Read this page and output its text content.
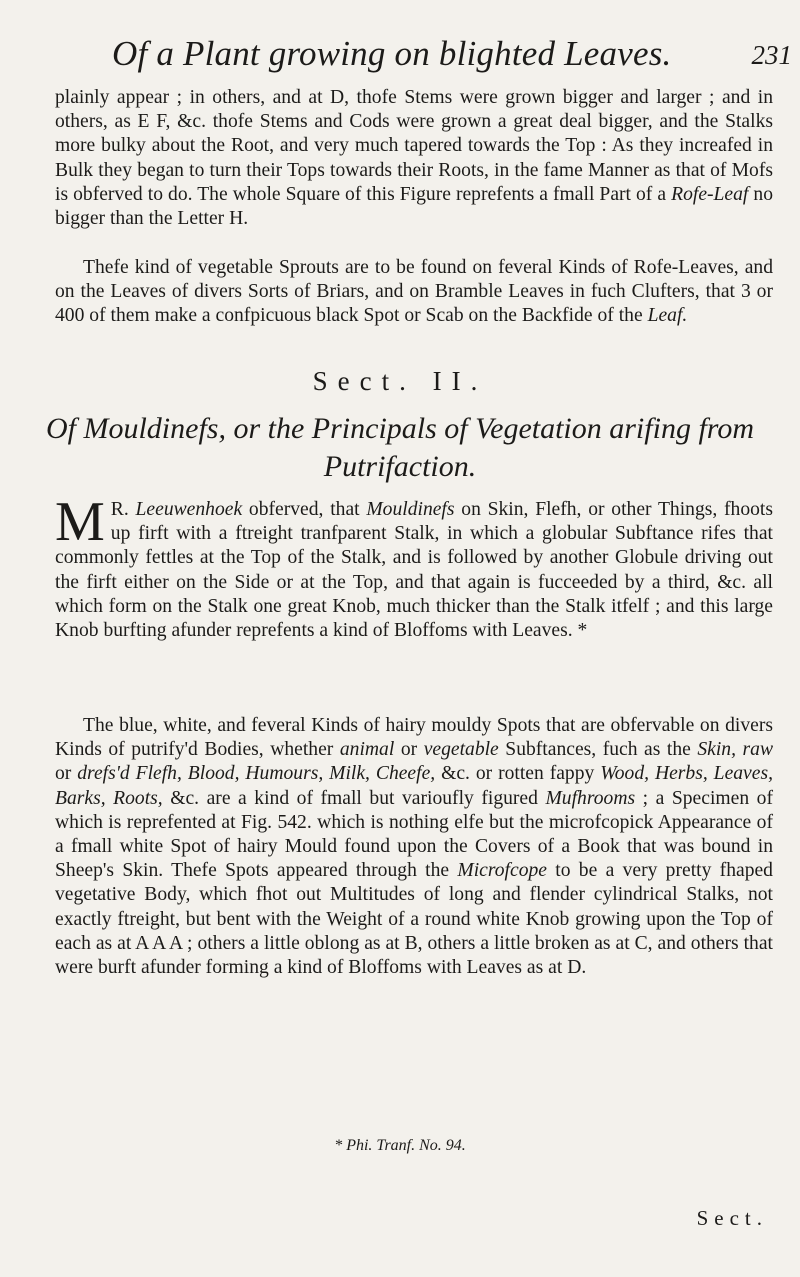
Of a Plant growing on blighted Leaves.	231
plainly appear ; in others, and at D, thofe Stems were grown bigger and larger ; and in others, as E F, &c. thofe Stems and Cods were grown a great deal bigger, and the Stalks more bulky about the Root, and very much tapered towards the Top : As they increafed in Bulk they began to turn their Tops towards their Roots, in the fame Manner as that of Mofs is obferved to do. The whole Square of this Figure reprefents a fmall Part of a Rofe-Leaf no bigger than the Letter H.
Thefe kind of vegetable Sprouts are to be found on feveral Kinds of Rofe-Leaves, and on the Leaves of divers Sorts of Briars, and on Bramble Leaves in fuch Clufters, that 3 or 400 of them make a confpicuous black Spot or Scab on the Backfide of the Leaf.
Sect. II.
Of Mouldinefs, or the Principals of Vegetation arifing from Putrifaction.
M R. Leeuwenhoek obferved, that Mouldinefs on Skin, Flefh, or other Things, fhoots up firft with a ftreight tranfparent Stalk, in which a globular Subftance rifes that commonly fettles at the Top of the Stalk, and is followed by another Globule driving out the firft either on the Side or at the Top, and that again is fucceeded by a third, &c. all which form on the Stalk one great Knob, much thicker than the Stalk itfelf ; and this large Knob burfting afunder reprefents a kind of Bloffoms with Leaves. *
The blue, white, and feveral Kinds of hairy mouldy Spots that are obfervable on divers Kinds of putrify'd Bodies, whether animal or vegetable Subftances, fuch as the Skin, raw or drefs'd Flefh, Blood, Humours, Milk, Cheefe, &c. or rotten fappy Wood, Herbs, Leaves, Barks, Roots, &c. are a kind of fmall but varioufly figured Mufhrooms ; a Specimen of which is reprefented at Fig. 542. which is nothing elfe but the microfcopick Appearance of a fmall white Spot of hairy Mould found upon the Covers of a Book that was bound in Sheep's Skin. Thefe Spots appeared through the Microfcope to be a very pretty fhaped vegetative Body, which fhot out Multitudes of long and flender cylindrical Stalks, not exactly ftreight, but bent with the Weight of a round white Knob growing upon the Top of each as at A A A ; others a little oblong as at B, others a little broken as at C, and others that were burft afunder forming a kind of Bloffoms with Leaves as at D.
* Phi. Tranf. No. 94.
Sect.
